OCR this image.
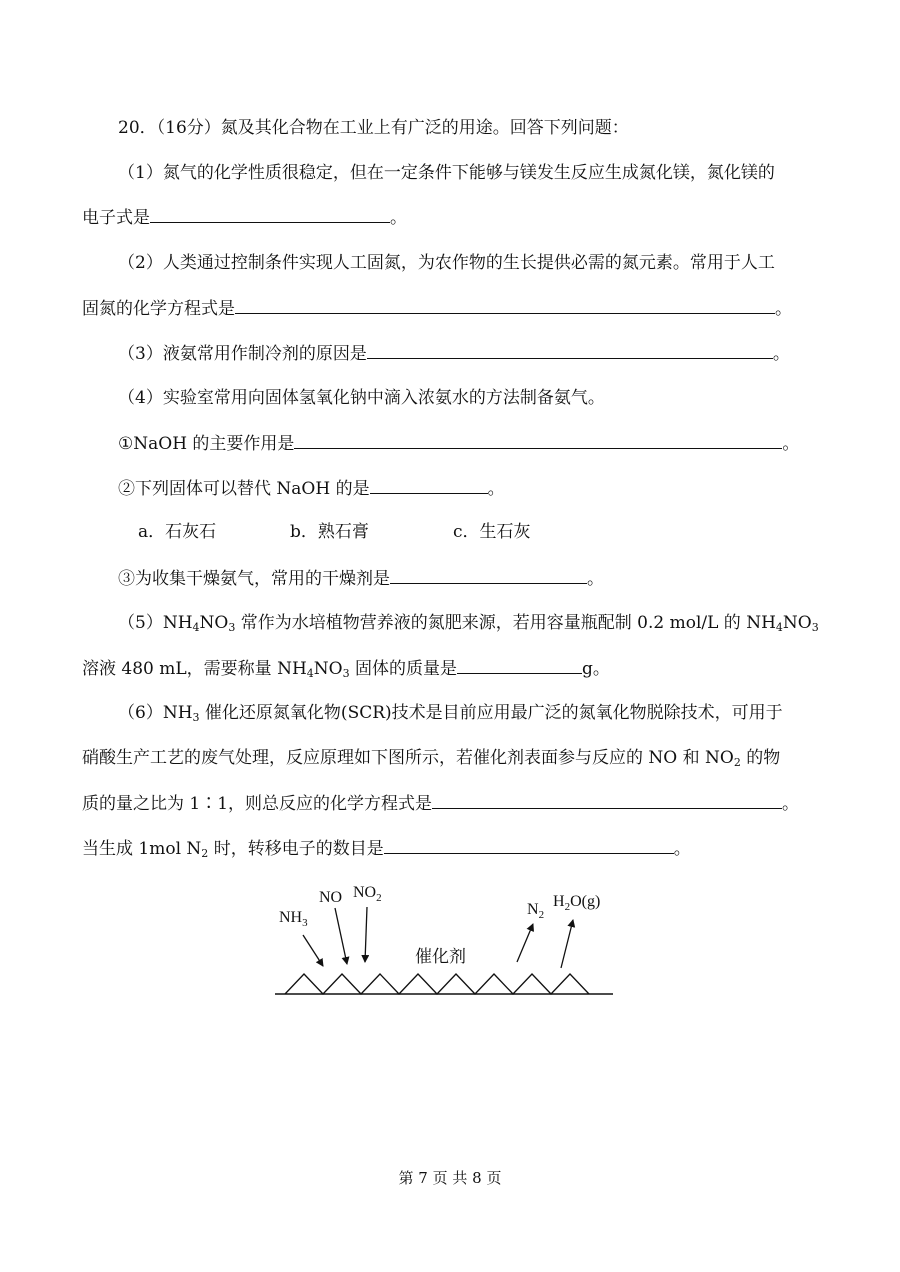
20．（16分）氮及其化合物在工业上有广泛的用途。回答下列问题：
（1）氮气的化学性质很稳定，但在一定条件下能够与镁发生反应生成氮化镁，氮化镁的
电子式是	。
（2）人类通过控制条件实现人工固氮，为农作物的生长提供必需的氮元素。常用于人工
固氮的化学方程式是	。
（3）液氨常用作制冷剂的原因是	。
（4）实验室常用向固体氢氧化钠中滴入浓氨水的方法制备氨气。
①NaOH 的主要作用是	。
②下列固体可以替代 NaOH 的是	。
a．石灰石	b．熟石膏	c．生石灰
③为收集干燥氨气，常用的干燥剂是	。
$(5)NH_4NO_3$ 常作为水培植物营养液的氮肥来源，若用容量瓶配制 0.2 mol/L 的 $NH_4NO_3$
溶液 480 mL，需要称量 $NH_4NO_3$ 固体的质量是	g。
$(6)NH_3$ 催化还原氮氧化物(SCR)技术是目前应用最广泛的氮氧化物脱除技术，可用于
硝酸生产工艺的废气处理，反应原理如下图所示，若催化剂表面参与反应的 NO 和 $NO_2$ 的物
质的量之比为 1∶1，则总反应的化学方程式是	。
当生成 1mol $N_2$ 时，转移电子的数目是	。
$NH_3$
NO $NO_2$
催化剂
$N_2$
$H_2O(g)$
第 7 页 共 8 页
